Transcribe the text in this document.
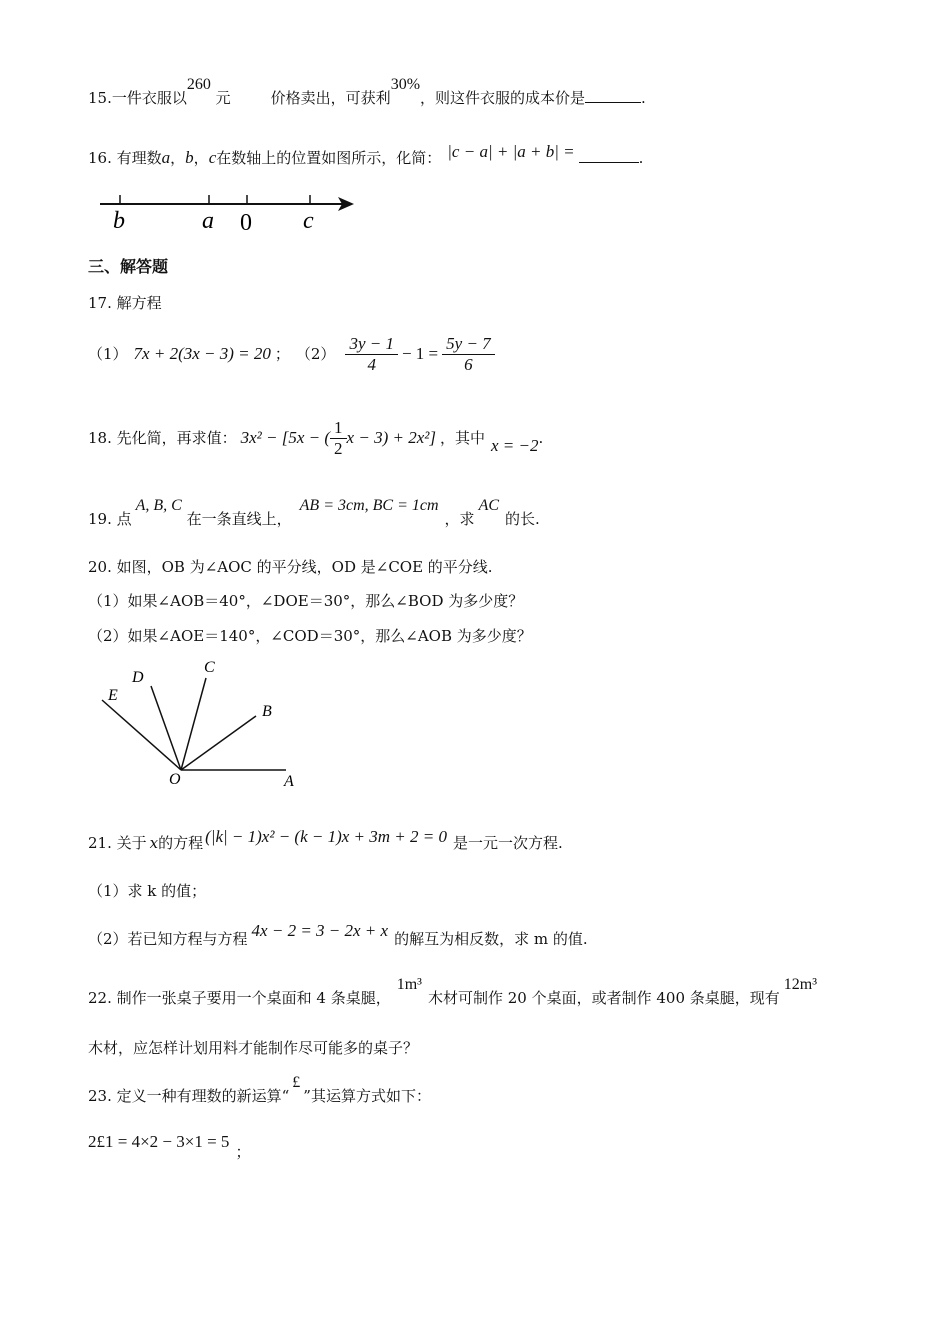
15.一件衣服以260 元	价格卖出，可获利30%，则这件衣服的成本价是	.
16. 有理数a，b，c在数轴上的位置如图所示，化简： |c − a| + |a + b| =	.
b	a 0 c
三、解答题
17. 解方程
（1） 7x + 2(3x − 3) = 20 ； $(2) \frac{3y - 1}{4} - 1 = \frac{5y - 7}{6}$
18. 先化简，再求值： 3x² − [5x − ( $\frac{1}{2}$ x − 3) + 2x²] ，其中 x = −2 .
19. 点A, B, C 在一条直线上，AB = 3cm, BC = 1cm，求AC的长.
20. 如图，OB 为∠AOC 的平分线，OD 是∠COE 的平分线.
（1）如果∠AOB＝40°，∠DOE＝30°，那么∠BOD 为多少度？
（2）如果∠AOE＝140°，∠COD＝30°，那么∠AOB 为多少度？
E
D
C
B
O	A
21. 关于 x的方程 (|k| − 1)x² − (k − 1)x + 3m + 2 = 0 是一元一次方程.
（1）求 k 的值；
（2）若已知方程与方程 4x − 2 = 3 − 2x + x 的解互为相反数，求 m 的值.
22. 制作一张桌子要用一个桌面和 4 条桌腿，1m³木材可制作 20 个桌面，或者制作 400 条桌腿，现有12m³
木材，应怎样计划用料才能制作尽可能多的桌子？
23. 定义一种有理数的新运算“£”其运算方式如下：
2£1 = 4×2 − 3×1 = 5；
